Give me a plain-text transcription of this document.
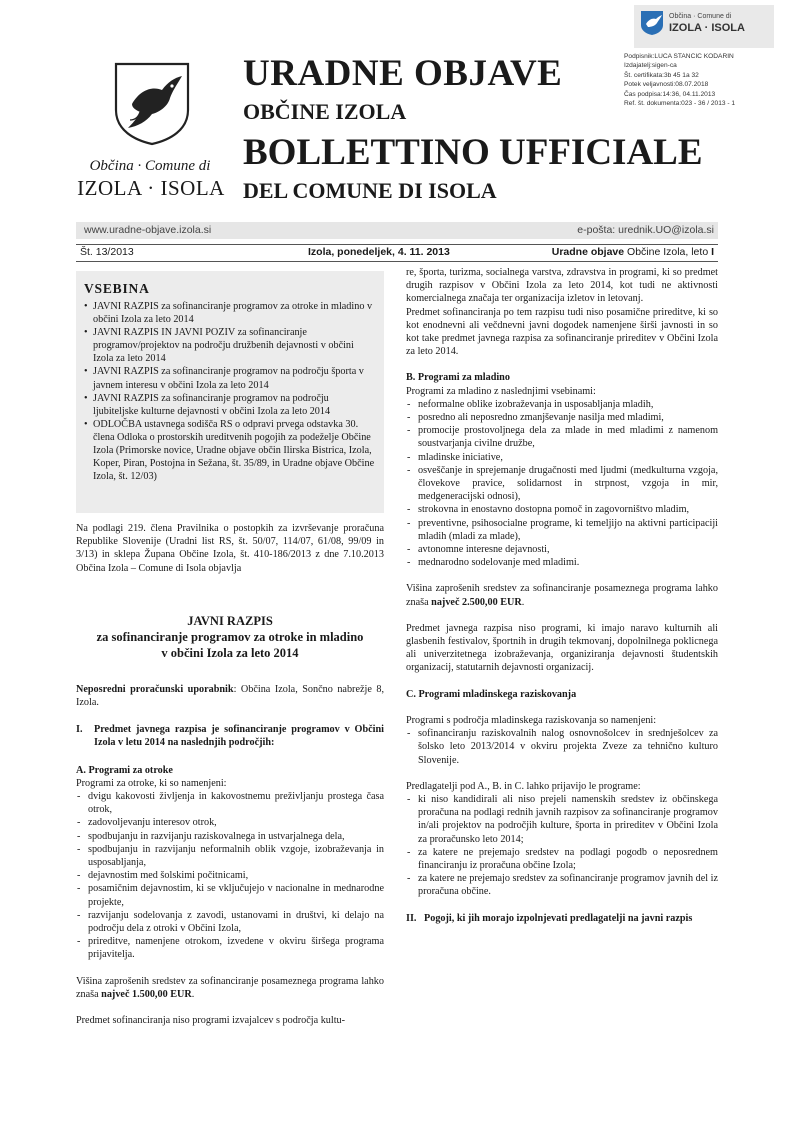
Občina · Comune di
IZOLA · ISOLA
URADNE OBJAVE
OBČINE IZOLA
BOLLETTINO UFFICIALE
DEL COMUNE DI ISOLA
Občina · Comune di
IZOLA · ISOLA
Podpisnik:LUCA STANCIC KODARIN
Izdajatelj:sigen-ca
Št. certifikata:3b 45 1a 32
Potek veljavnosti:08.07.2018
Čas podpisa:14:36, 04.11.2013
Ref. št. dokumenta:023 - 36 / 2013 - 1
www.uradne-objave.izola.si	e-pošta: urednik.UO@izola.si
Št. 13/2013	Izola, ponedeljek, 4. 11. 2013	Uradne objave Občine Izola, leto I
VSEBINA
• JAVNI RAZPIS za sofinanciranje programov za otroke in mladino v občini Izola za leto 2014
• JAVNI RAZPIS IN JAVNI POZIV za sofinanciranje programov/projektov na področju družbenih dejavnosti v občini Izola za leto 2014
• JAVNI RAZPIS za sofinanciranje programov na področju športa v javnem interesu v občini Izola za leto 2014
• JAVNI RAZPIS za sofinanciranje programov na področju ljubiteljske kulturne dejavnosti v občini Izola za leto 2014
• ODLOČBA ustavnega sodišča RS o odpravi prvega odstavka 30. člena Odloka o prostorskih ureditvenih pogojih za podeželje Občine Izola (Primorske novice, Uradne objave občin Ilirska Bistrica, Izola, Koper, Piran, Postojna in Sežana, št. 35/89, in Uradne objave Občine Izola, št. 12/03)

Na podlagi 219. člena Pravilnika o postopkih za izvrševanje proračuna Republike Slovenije (Uradni list RS, št. 50/07, 114/07, 61/08, 99/09 in 3/13) in sklepa Župana Občine Izola, št. 410-186/2013 z dne 7.10.2013 Občina Izola – Comune di Isola objavlja

JAVNI RAZPIS
za sofinanciranje programov za otroke in mladino
v občini Izola za leto 2014

Neposredni proračunski uporabnik: Občina Izola, Sončno nabrežje 8, Izola.

I.	Predmet javnega razpisa je sofinanciranje programov v Občini Izola v letu 2014 na naslednjih področjih:
A. Programi za otroke

Programi za otroke, ki so namenjeni:

- dvigu kakovosti življenja in kakovostnemu preživljanju prostega časa otrok,
- zadovoljevanju interesov otrok,
- spodbujanju in razvijanju raziskovalnega in ustvarjalnega dela,
- spodbujanju in razvijanju neformalnih oblik vzgoje, izobraževanja in usposabljanja,
- dejavnostim med šolskimi počitnicami,
- posamičnim dejavnostim, ki se vključujejo v nacionalne in mednarodne projekte,
- razvijanju sodelovanja z zavodi, ustanovami in društvi, ki delajo na področju dela z otroki v Občini Izola,
- prireditve, namenjene otrokom, izvedene v okviru širšega programa prijavitelja.

Višina zaprošenih sredstev za sofinanciranje posameznega programa lahko znaša največ 1.500,00 EUR.

Predmet sofinanciranja niso programi izvajalcev s področja kultu-

re, športa, turizma, socialnega varstva, zdravstva in programi, ki so predmet drugih razpisov v Občini Izola za leto 2014, kot tudi ne aktivnosti komercialnega značaja ter organizacija izletov in letovanj.

Predmet sofinanciranja po tem razpisu tudi niso posamične prireditve, ki so kot enodnevni ali večdnevni javni dogodek namenjene širši javnosti in so kot take predmet javnega razpisa za sofinanciranje prireditev v Občini Izola za leto 2014.

B. Programi za mladino

Programi za mladino z naslednjimi vsebinami:

- neformalne oblike izobraževanja in usposabljanja mladih,
- posredno ali neposredno zmanjševanje nasilja med mladimi,
- promocije prostovoljnega dela za mlade in med mladimi z namenom soustvarjanja civilne družbe,
- mladinske iniciative,
- osveščanje in sprejemanje drugačnosti med ljudmi (medkulturna vzgoja, človekove pravice, solidarnost in strpnost, vzgoja in mir, medgeneracijski odnosi),
- strokovna in enostavno dostopna pomoč in zagovorništvo mladim,
- preventivne, psihosocialne programe, ki temeljijo na aktivni participaciji mladih (mladi za mlade),
- avtonomne interesne dejavnosti,
- mednarodno sodelovanje med mladimi.

Višina zaprošenih sredstev za sofinanciranje posameznega programa lahko znaša največ 2.500,00 EUR.

Predmet javnega razpisa niso programi, ki imajo naravo kulturnih ali glasbenih festivalov, športnih in drugih tekmovanj, dopolnilnega poklicnega ali univerzitetnega izobraževanja, organiziranja dejavnosti študentskih organizacij, statutarnih dejavnosti organizacij.

C. Programi mladinskega raziskovanja

Programi s področja mladinskega raziskovanja so namenjeni:

- sofinanciranju raziskovalnih nalog osnovnošolcev in srednješolcev za šolsko leto 2013/2014 v okviru projekta Zveze za tehnično kulturo Slovenije.

Predlagatelji pod A., B. in C. lahko prijavijo le programe:

- ki niso kandidirali ali niso prejeli namenskih sredstev iz občinskega proračuna na podlagi rednih javnih razpisov za sofinanciranje programov in/ali projektov na področjih kulture, športa in prireditev v Občini Izola za proračunsko leto 2014;
- za katere ne prejemajo sredstev na podlagi pogodb o neposrednem financiranju iz proračuna občine Izola;
- za katere ne prejemajo sredstev za sofinanciranje programov javnih del iz proračuna občine.
II. Pogoji, ki jih morajo izpolnjevati predlagatelji na javni razpis
